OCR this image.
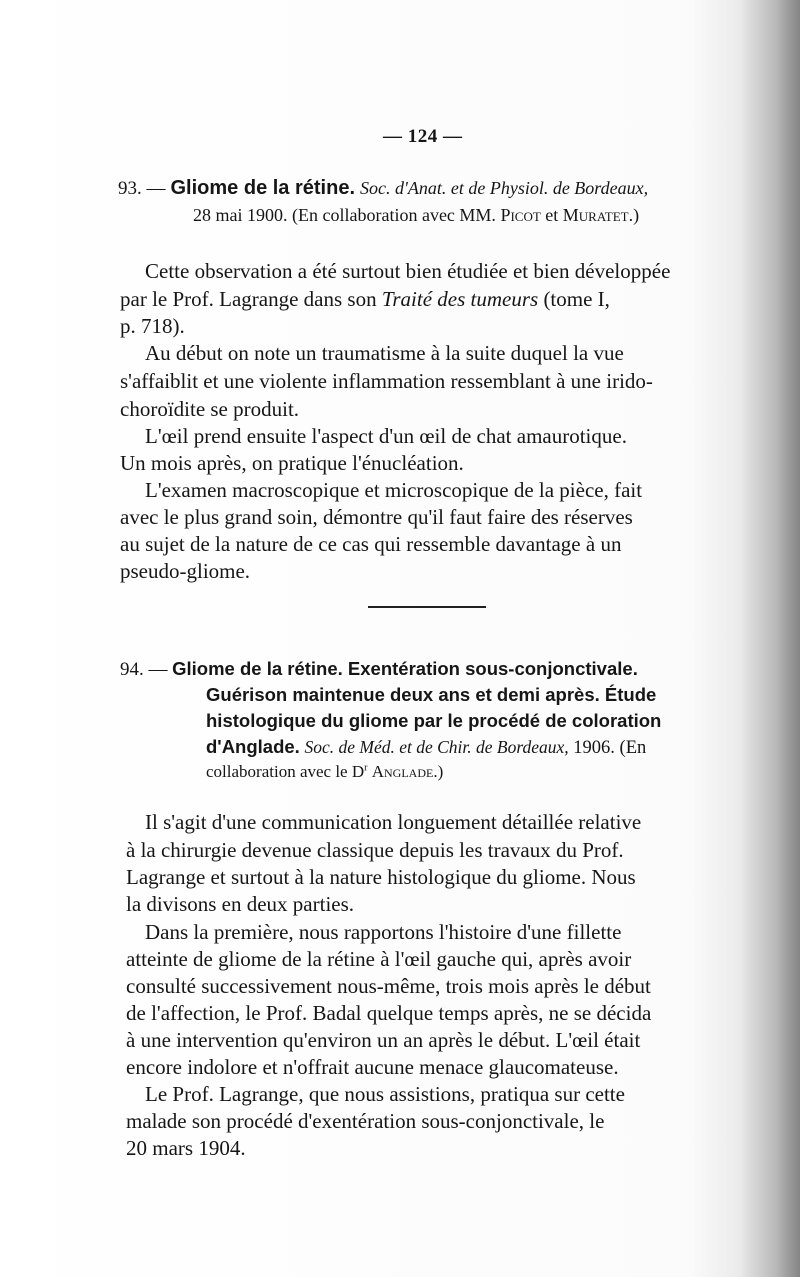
— 124 —
93. — Gliome de la rétine. Soc. d'Anat. et de Physiol. de Bordeaux,
28 mai 1900. (En collaboration avec MM. Picot et Muratet.)
Cette observation a été surtout bien étudiée et bien développée
par le Prof. Lagrange dans son Traité des tumeurs (tome I,
p. 718).
Au début on note un traumatisme à la suite duquel la vue
s'affaiblit et une violente inflammation ressemblant à une irido-
choroïdite se produit.
L'œil prend ensuite l'aspect d'un œil de chat amaurotique.
Un mois après, on pratique l'énucléation.
L'examen macroscopique et microscopique de la pièce, fait
avec le plus grand soin, démontre qu'il faut faire des réserves
au sujet de la nature de ce cas qui ressemble davantage à un
pseudo-gliome.
94. — Gliome de la rétine. Exentération sous-conjonctivale.
Guérison maintenue deux ans et demi après. Étude
histologique du gliome par le procédé de coloration
d'Anglade. Soc. de Méd. et de Chir. de Bordeaux, 1906. (En
collaboration avec le $D^r$ Anglade.)
Il s'agit d'une communication longuement détaillée relative
à la chirurgie devenue classique depuis les travaux du Prof.
Lagrange et surtout à la nature histologique du gliome. Nous
la divisons en deux parties.
Dans la première, nous rapportons l'histoire d'une fillette
atteinte de gliome de la rétine à l'œil gauche qui, après avoir
consulté successivement nous-même, trois mois après le début
de l'affection, le Prof. Badal quelque temps après, ne se décida
à une intervention qu'environ un an après le début. L'œil était
encore indolore et n'offrait aucune menace glaucomateuse.
Le Prof. Lagrange, que nous assistions, pratiqua sur cette
malade son procédé d'exentération sous-conjonctivale, le
20 mars 1904.
